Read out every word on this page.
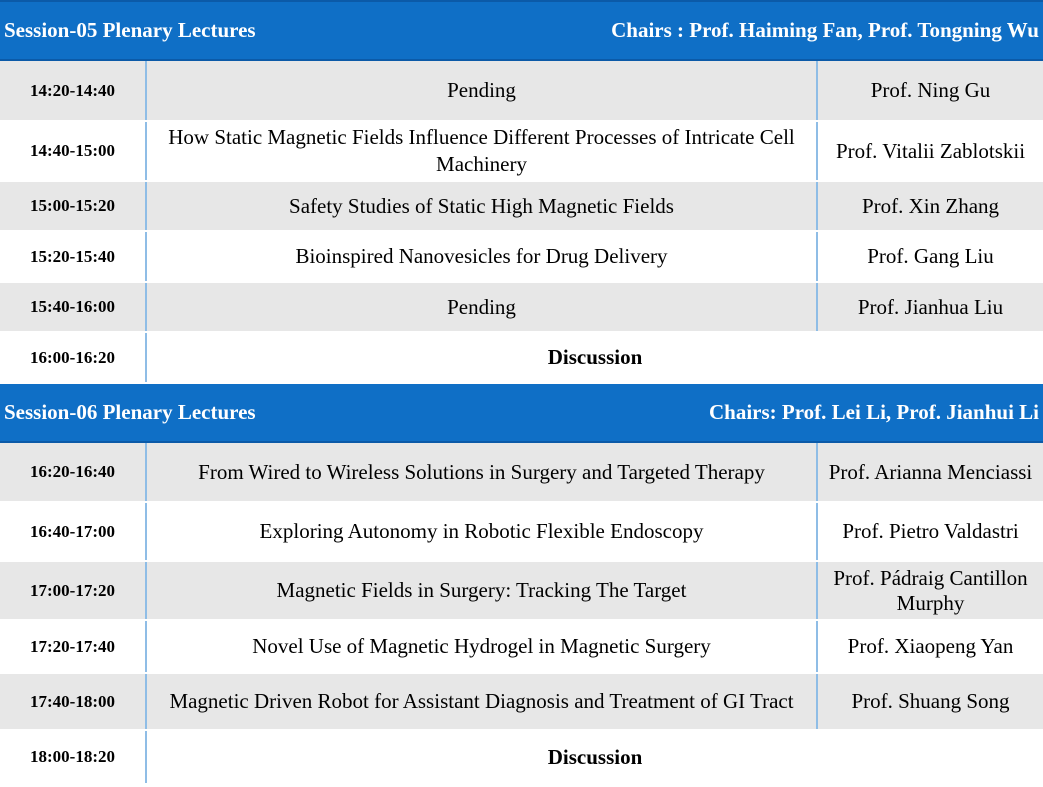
Session-05 Plenary Lectures Chairs : Prof. Haiming Fan, Prof. Tongning Wu		

14:20-14:40	Pending	Prof. Ning Gu
14:40-15:00	How Static Magnetic Fields Influence Different Processes of Intricate Cell Machinery	Prof. Vitalii Zablotskii
15:00-15:20	Safety Studies of Static High Magnetic Fields	Prof. Xin Zhang
15:20-15:40	Bioinspired Nanovesicles for Drug Delivery	Prof. Gang Liu
15:40-16:00	Pending	Prof. Jianhua Liu
16:00-16:20	Discussion	

Session-06 Plenary Lectures Chairs: Prof. Lei Li, Prof. Jianhui Li		

16:20-16:40	From Wired to Wireless Solutions in Surgery and Targeted Therapy	Prof. Arianna Menciassi
16:40-17:00	Exploring Autonomy in Robotic Flexible Endoscopy	Prof. Pietro Valdastri
17:00-17:20	Magnetic Fields in Surgery: Tracking The Target	Prof. Pádraig Cantillon Murphy
17:20-17:40	Novel Use of Magnetic Hydrogel in Magnetic Surgery	Prof. Xiaopeng Yan
17:40-18:00	Magnetic Driven Robot for Assistant Diagnosis and Treatment of GI Tract	Prof. Shuang Song
18:00-18:20	Discussion	
